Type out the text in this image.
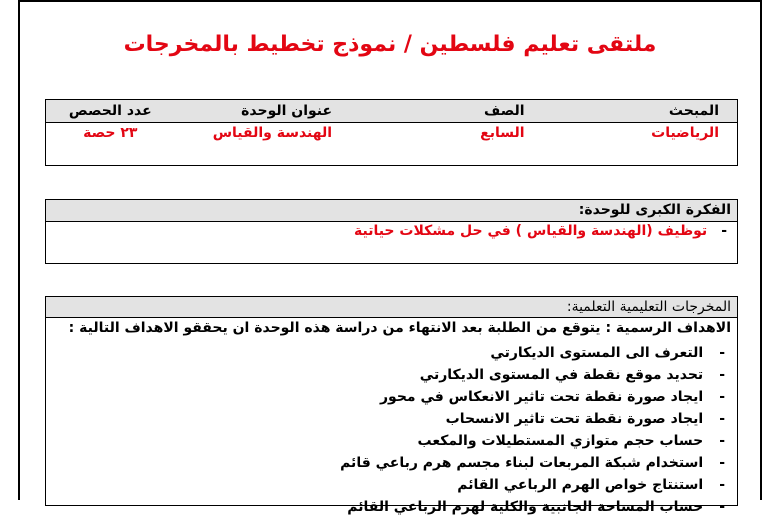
ملتقى تعليم فلسطين / نموذج تخطيط بالمخرجات
المبحث
الصف
عنوان الوحدة
عدد الحصص
الرياضيات
السابع
الهندسة والقياس
٢٣ حصة
الفكرة الكبرى للوحدة:
-توظيف (الهندسة والقياس ) في حل مشكلات حياتية
المخرجات التعليمية التعلمية:
الاهداف الرسمية : يتوقع من الطلبة بعد الانتهاء من دراسة هذه الوحدة ان يحققو الاهداف التالية :
-التعرف الى المستوى الديكارتي
-تحديد موقع نقطة في المستوى الديكارتي
-ايجاد صورة نقطة تحت تاثير الانعكاس في محور
-ايجاد صورة نقطة تحت تاثير الانسحاب
-حساب حجم متوازي المستطيلات والمكعب
-استخدام شبكة المربعات لبناء مجسم هرم رباعي قائم
-استنتاج خواص الهرم الرباعي القائم
-حساب المساحة الجانبية والكلية لهرم الرباعي القائم
